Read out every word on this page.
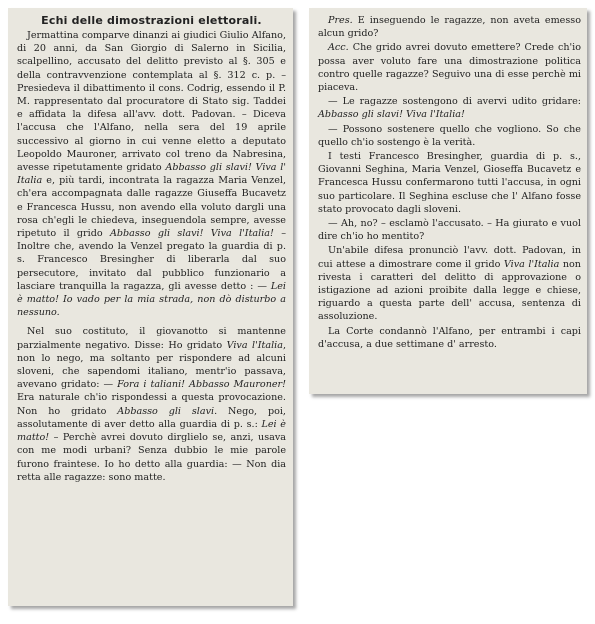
Echi delle dimostrazioni elettorali.

Jermattina comparve dinanzi ai giudici Giulio Alfano, di 20 anni, da San Giorgio di Salerno in Sicilia, scalpellino, accusato del delitto previsto al §. 305 e della contravvenzione contemplata al §. 312 c. p. – Presiedeva il dibattimento il cons. Codrig, essendo il P. M. rappresentato dal procuratore di Stato sig. Taddei e affidata la difesa all'avv. dott. Padovan. – Diceva l'accusa che l'Alfano, nella sera del 19 aprile successivo al giorno in cui venne eletto a deputato Leopoldo Mauroner, arrivato col treno da Nabresina, avesse ripetutamente gridato Abbasso gli slavi! Viva l' Italia e, più tardi, incontrata la ragazza Maria Venzel, ch'era accompagnata dalle ragazze Giuseffa Bucavetz e Francesca Hussu, non avendo ella voluto dargli una rosa ch'egli le chiedeva, inseguendola sempre, avesse ripetuto il grido Abbasso gli slavi! Viva l'Italia! – Inoltre che, avendo la Venzel pregato la guardia di p. s. Francesco Bresingher di liberarla dal suo persecutore, invitato dal pubblico funzionario a lasciare tranquilla la ragazza, gli avesse detto : — Lei è matto! Io vado per la mia strada, non dò disturbo a nessuno.

Nel suo costituto, il giovanotto si mantenne parzialmente negativo. Disse: Ho gridato Viva l'Italia, non lo nego, ma soltanto per rispondere ad alcuni sloveni, che sapendomi italiano, mentr'io passava, avevano gridato: — Fora i taliani! Abbasso Mauroner! Era naturale ch'io rispondessi a questa provocazione. Non ho gridato Abbasso gli slavi. Nego, poi, assolutamente di aver detto alla guardia di p. s.: Lei è matto! – Perchè avrei dovuto dirglielo se, anzi, usava con me modi urbani? Senza dubbio le mie parole furono fraintese. Io ho detto alla guardia: — Non dia retta alle ragazze: sono matte.

Pres. E inseguendo le ragazze, non aveta emesso alcun grido?

Acc. Che grido avrei dovuto emettere? Crede ch'io possa aver voluto fare una dimostrazione politica contro quelle ragazze? Seguivo una di esse perchè mi piaceva.

— Le ragazze sostengono di avervi udito gridare: Abbasso gli slavi! Viva l'Italia!

— Possono sostenere quello che vogliono. So che quello ch'io sostengo è la verità.

I testi Francesco Bresingher, guardia di p. s., Giovanni Seghina, Maria Venzel, Gioseffa Bucavetz e Francesca Hussu confermarono tutti l'accusa, in ogni suo particolare. Il Seghina escluse che l' Alfano fosse stato provocato dagli sloveni.

— Ah, no? – esclamò l'accusato. – Ha giurato e vuol dire ch'io ho mentito?

Un'abile difesa pronunciò l'avv. dott. Padovan, in cui attese a dimostrare come il grido Viva l'Italia non rivesta i caratteri del delitto di approvazione o istigazione ad azioni proibite dalla legge e chiese, riguardo a questa parte dell' accusa, sentenza di assoluzione.

La Corte condannò l'Alfano, per entrambi i capi d'accusa, a due settimane d' arresto.
